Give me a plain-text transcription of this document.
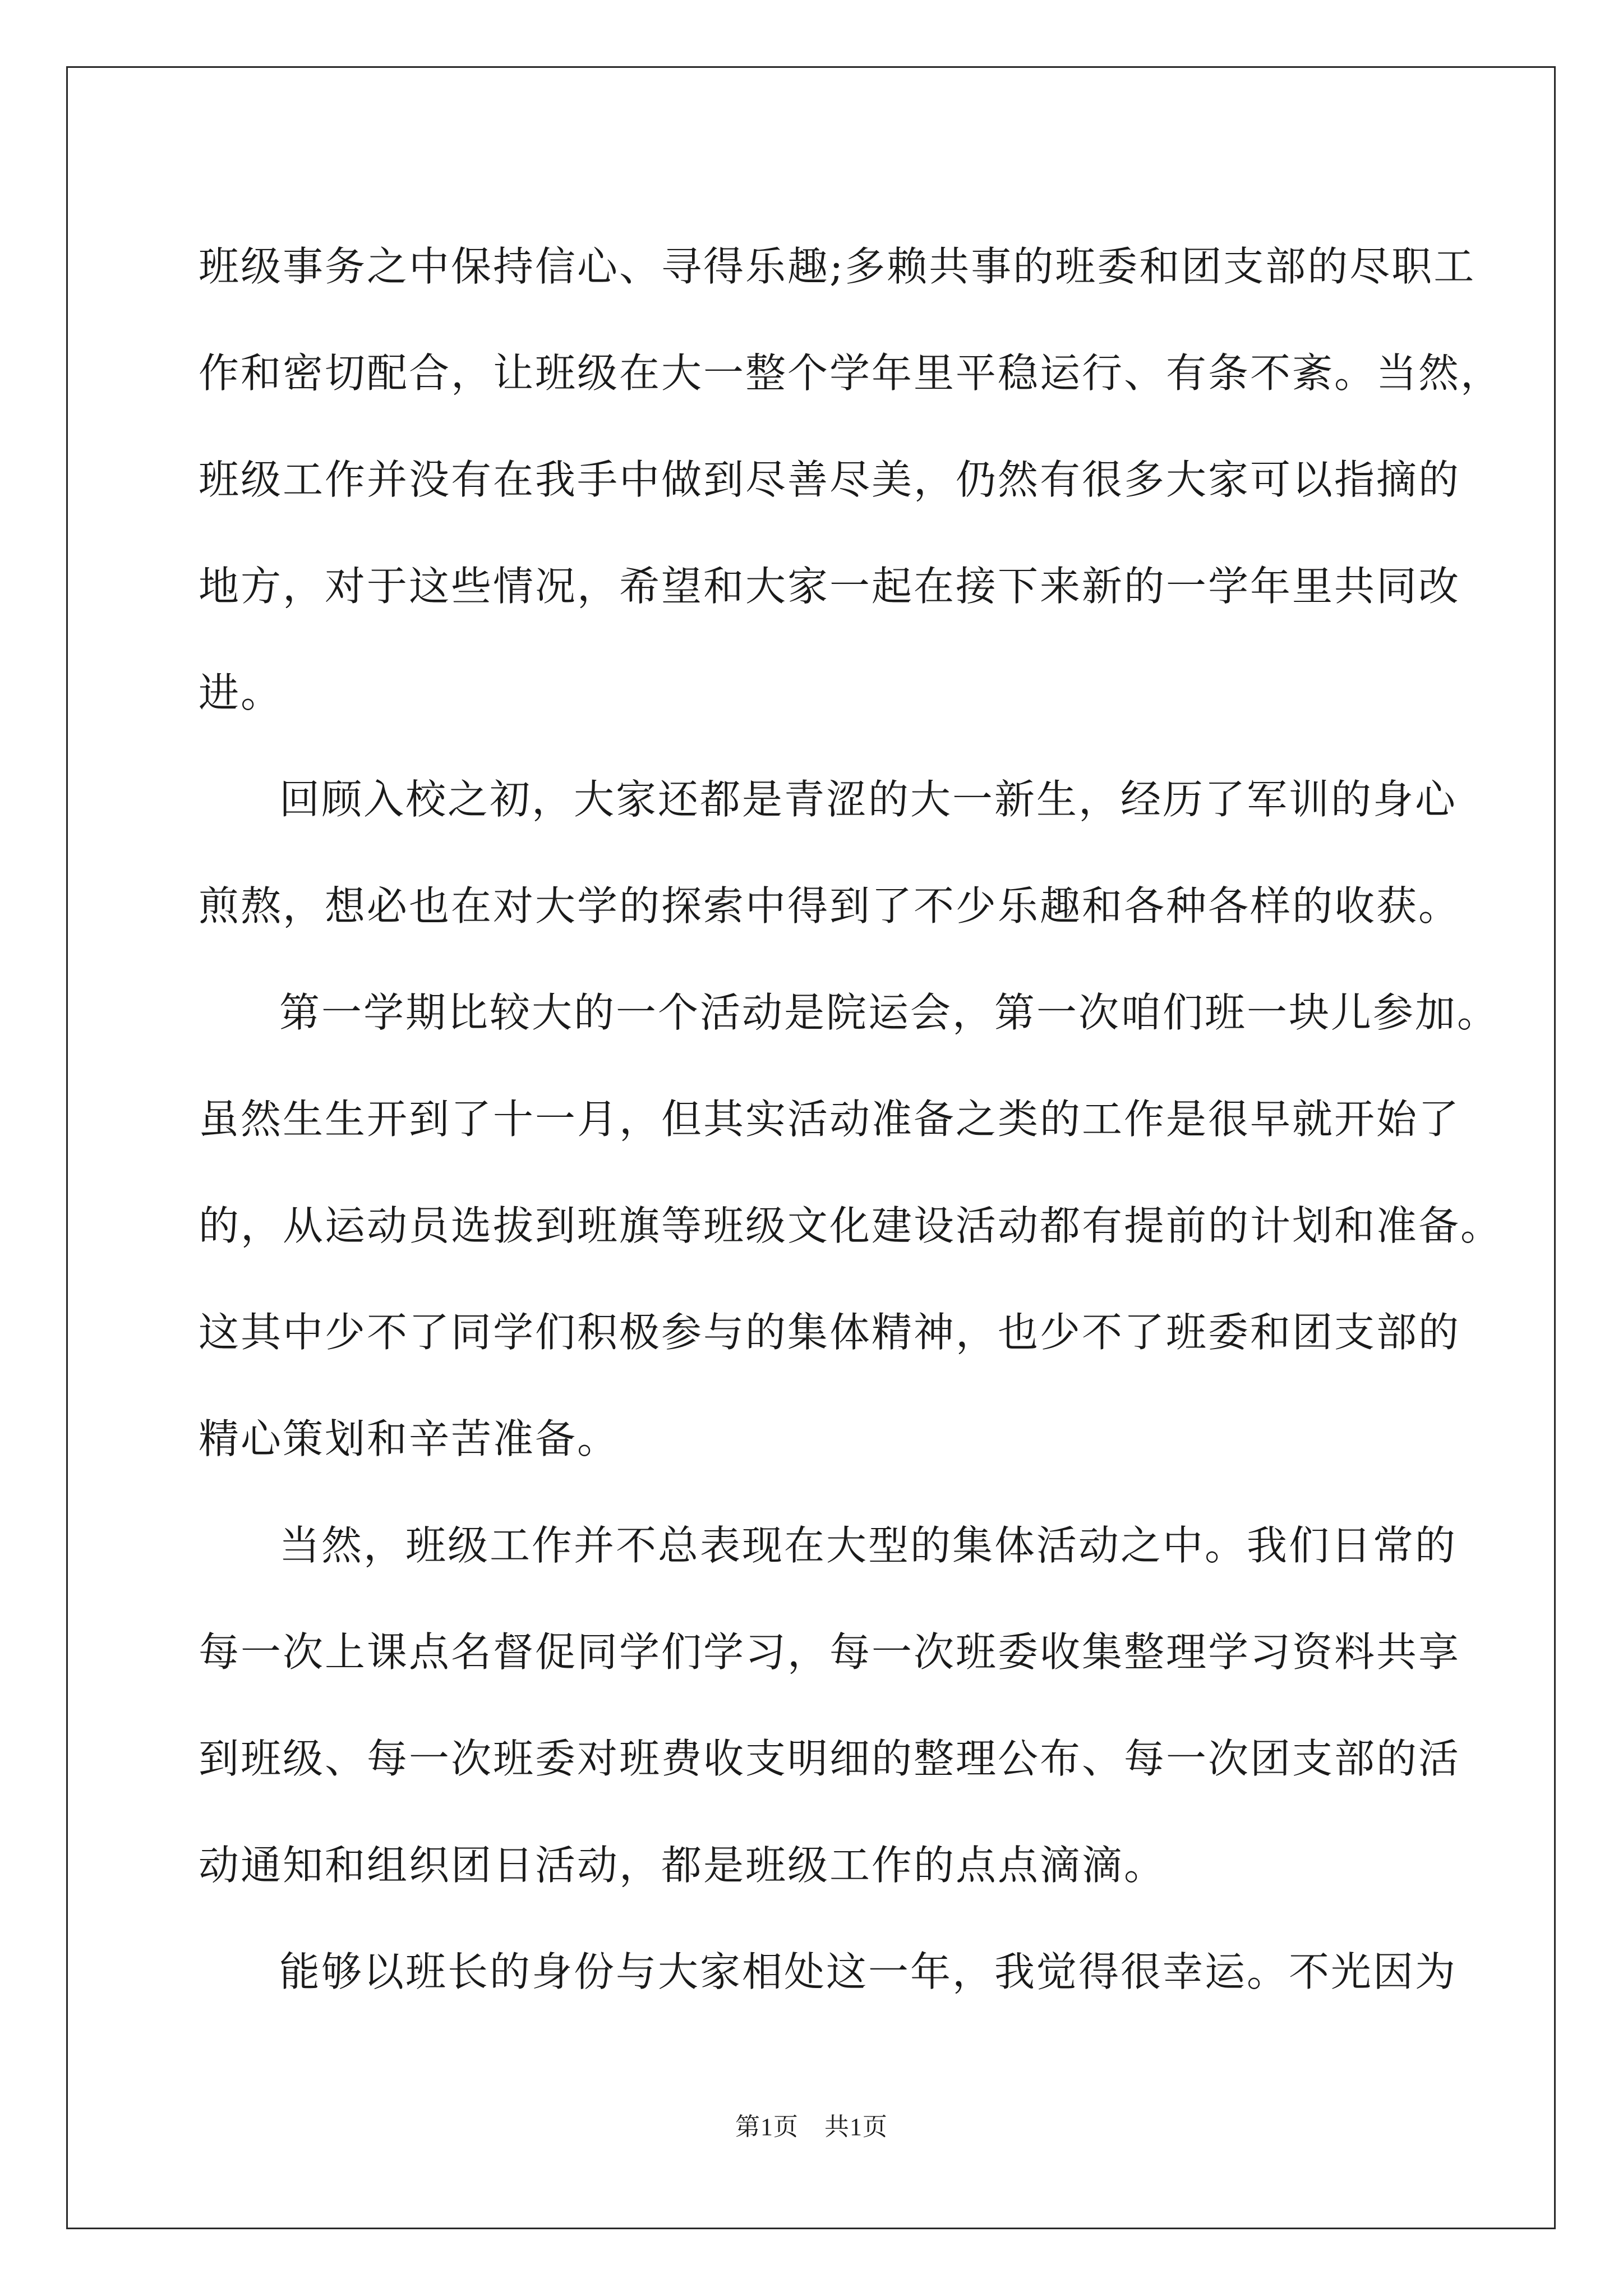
班级事务之中保持信心、寻得乐趣;多赖共事的班委和团支部的尽职工
作和密切配合，让班级在大一整个学年里平稳运行、有条不紊。当然，
班级工作并没有在我手中做到尽善尽美，仍然有很多大家可以指摘的
地方，对于这些情况，希望和大家一起在接下来新的一学年里共同改
进。
回顾入校之初，大家还都是青涩的大一新生，经历了军训的身心
煎熬，想必也在对大学的探索中得到了不少乐趣和各种各样的收获。
第一学期比较大的一个活动是院运会，第一次咱们班一块儿参加。
虽然生生开到了十一月，但其实活动准备之类的工作是很早就开始了
的，从运动员选拔到班旗等班级文化建设活动都有提前的计划和准备。
这其中少不了同学们积极参与的集体精神，也少不了班委和团支部的
精心策划和辛苦准备。
当然，班级工作并不总表现在大型的集体活动之中。我们日常的
每一次上课点名督促同学们学习，每一次班委收集整理学习资料共享
到班级、每一次班委对班费收支明细的整理公布、每一次团支部的活
动通知和组织团日活动，都是班级工作的点点滴滴。
能够以班长的身份与大家相处这一年，我觉得很幸运。不光因为
第1页 共1页
